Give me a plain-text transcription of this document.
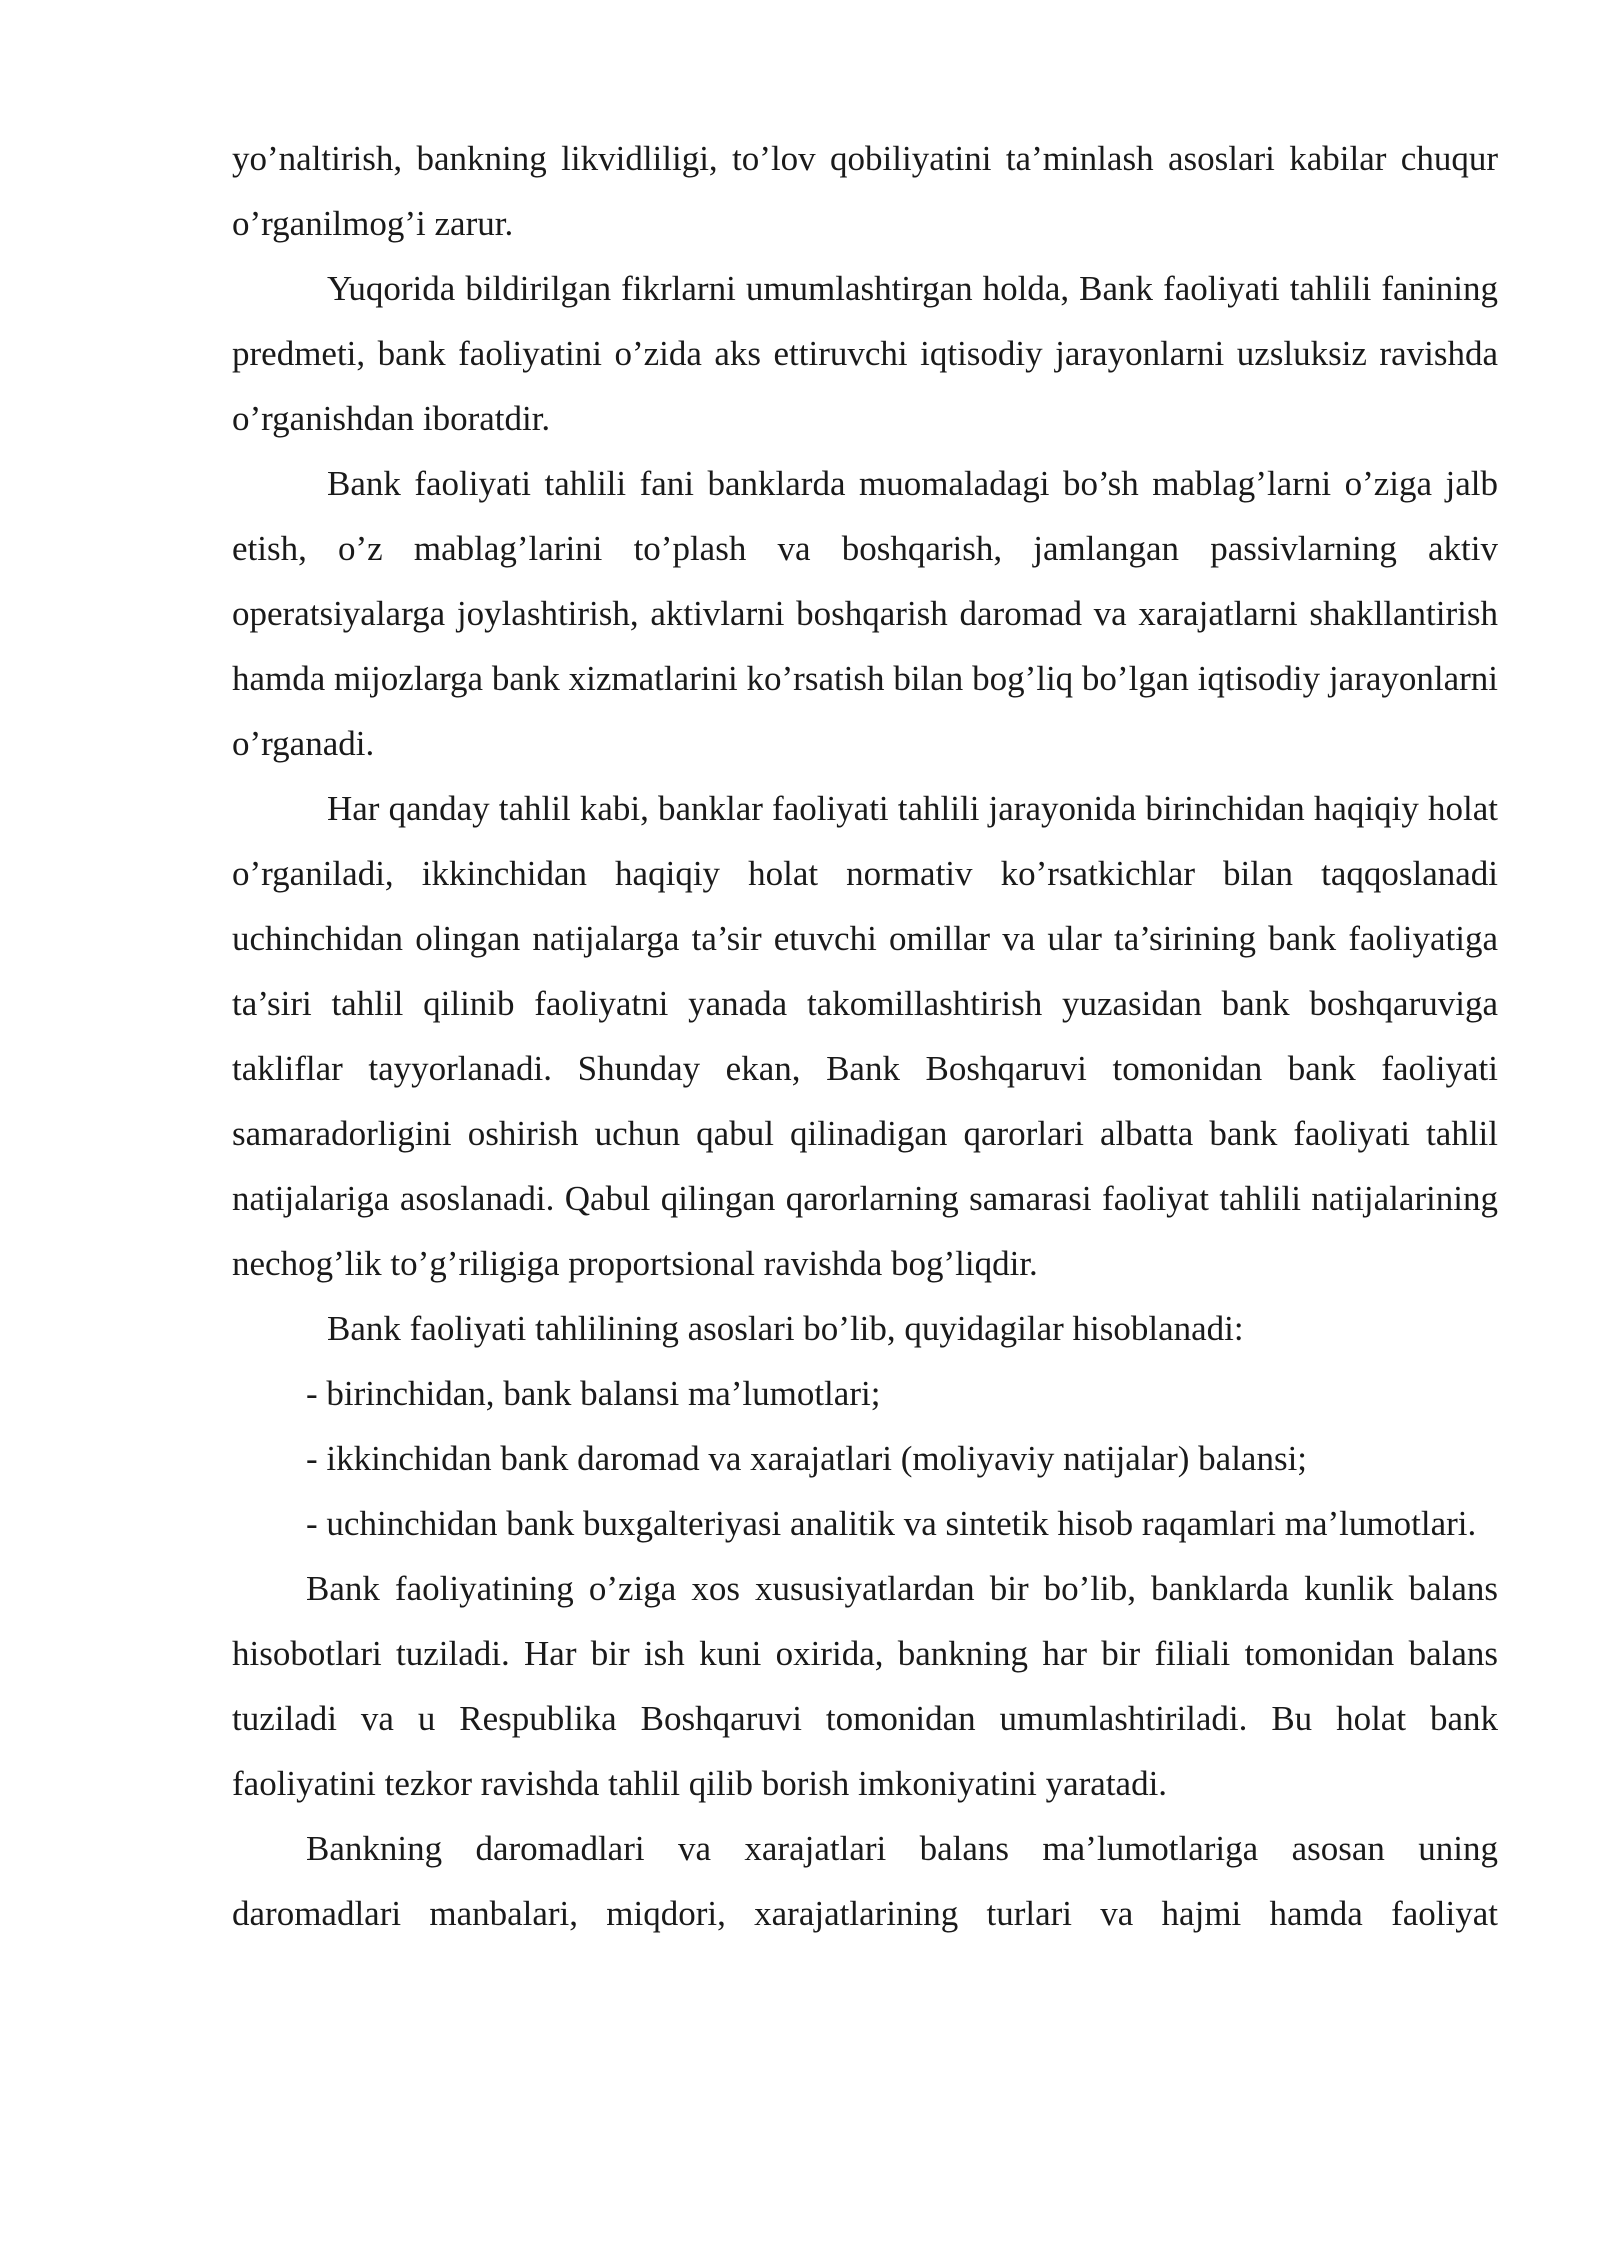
yo’naltirish, bankning likvidliligi, to’lov qobiliyatini ta’minlash asoslari kabilar chuqur o’rganilmog’i zarur.

Yuqorida bildirilgan fikrlarni umumlashtirgan holda, Bank faoliyati tahlili fanining predmeti, bank faoliyatini o’zida aks ettiruvchi iqtisodiy jarayonlarni uzsluksiz ravishda o’rganishdan iboratdir.

Bank faoliyati tahlili fani banklarda muomaladagi bo’sh mablag’larni o’ziga jalb etish, o’z mablag’larini to’plash va boshqarish, jamlangan passivlarning aktiv operatsiyalarga joylashtirish, aktivlarni boshqarish daromad va xarajatlarni shakllantirish hamda mijozlarga bank xizmatlarini ko’rsatish bilan bog’liq bo’lgan iqtisodiy jarayonlarni o’rganadi.

Har qanday tahlil kabi, banklar faoliyati tahlili jarayonida birinchidan haqiqiy holat o’rganiladi, ikkinchidan haqiqiy holat normativ ko’rsatkichlar bilan taqqoslanadi uchinchidan olingan natijalarga ta’sir etuvchi omillar va ular ta’sirining bank faoliyatiga ta’siri tahlil qilinib faoliyatni yanada takomillashtirish yuzasidan bank boshqaruviga takliflar tayyorlanadi. Shunday ekan, Bank Boshqaruvi tomonidan bank faoliyati samaradorligini oshirish uchun qabul qilinadigan qarorlari albatta bank faoliyati tahlil natijalariga asoslanadi. Qabul qilingan qarorlarning samarasi faoliyat tahlili natijalarining nechog’lik to’g’riligiga proportsional ravishda bog’liqdir.

Bank faoliyati tahlilining asoslari bo’lib, quyidagilar hisoblanadi:

- birinchidan, bank balansi ma’lumotlari;
- ikkinchidan bank daromad va xarajatlari (moliyaviy natijalar) balansi;
- uchinchidan bank buxgalteriyasi analitik va sintetik hisob raqamlari ma’lumotlari.

Bank faoliyatining o’ziga xos xususiyatlardan bir bo’lib, banklarda kunlik balans hisobotlari tuziladi. Har bir ish kuni oxirida, bankning har bir filiali tomonidan balans tuziladi va u Respublika Boshqaruvi tomonidan umumlashtiriladi. Bu holat bank faoliyatini tezkor ravishda tahlil qilib borish imkoniyatini yaratadi.

Bankning daromadlari va xarajatlari balans ma’lumotlariga asosan uning daromadlari manbalari, miqdori, xarajatlarining turlari va hajmi hamda faoliyat
